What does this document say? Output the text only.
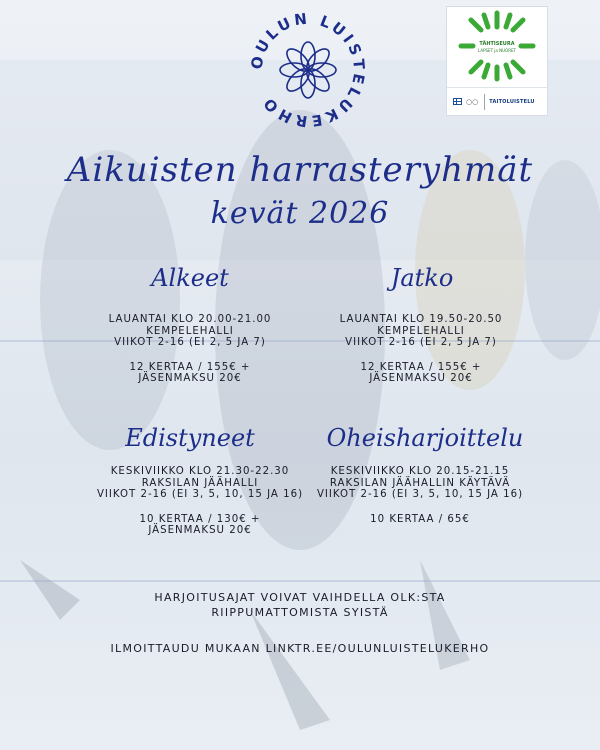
OULUN LUISTELUKERHO
TÄHTISEURA
LAPSET ja NUORET
○○ TAITOLUISTELU
Aikuisten harrasteryhmät
kevät 2026
Alkeet
LAUANTAI KLO 20.00-21.00
KEMPELEHALLI
VIIKOT 2-16 (EI 2, 5 JA 7)
12 KERTAA / 155€ +
JÄSENMAKSU 20€
Jatko
LAUANTAI KLO 19.50-20.50
KEMPELEHALLI
VIIKOT 2-16 (EI 2, 5 JA 7)
12 KERTAA / 155€ +
JÄSENMAKSU 20€
Edistyneet
KESKIVIIKKO KLO 21.30-22.30
RAKSILAN JÄÄHALLI
VIIKOT 2-16 (EI 3, 5, 10, 15 JA 16)
10 KERTAA / 130€ +
JÄSENMAKSU 20€
Oheisharjoittelu
KESKIVIIKKO KLO 20.15-21.15
RAKSILAN JÄÄHALLIN KÄYTÄVÄ
VIIKOT 2-16 (EI 3, 5, 10, 15 JA 16)
10 KERTAA / 65€
HARJOITUSAJAT VOIVAT VAIHDELLA OLK:STA
RIIPPUMATTOMISTA SYISTÄ
ILMOITTAUDU MUKAAN LINKTR.EE/OULUNLUISTELUKERHO
